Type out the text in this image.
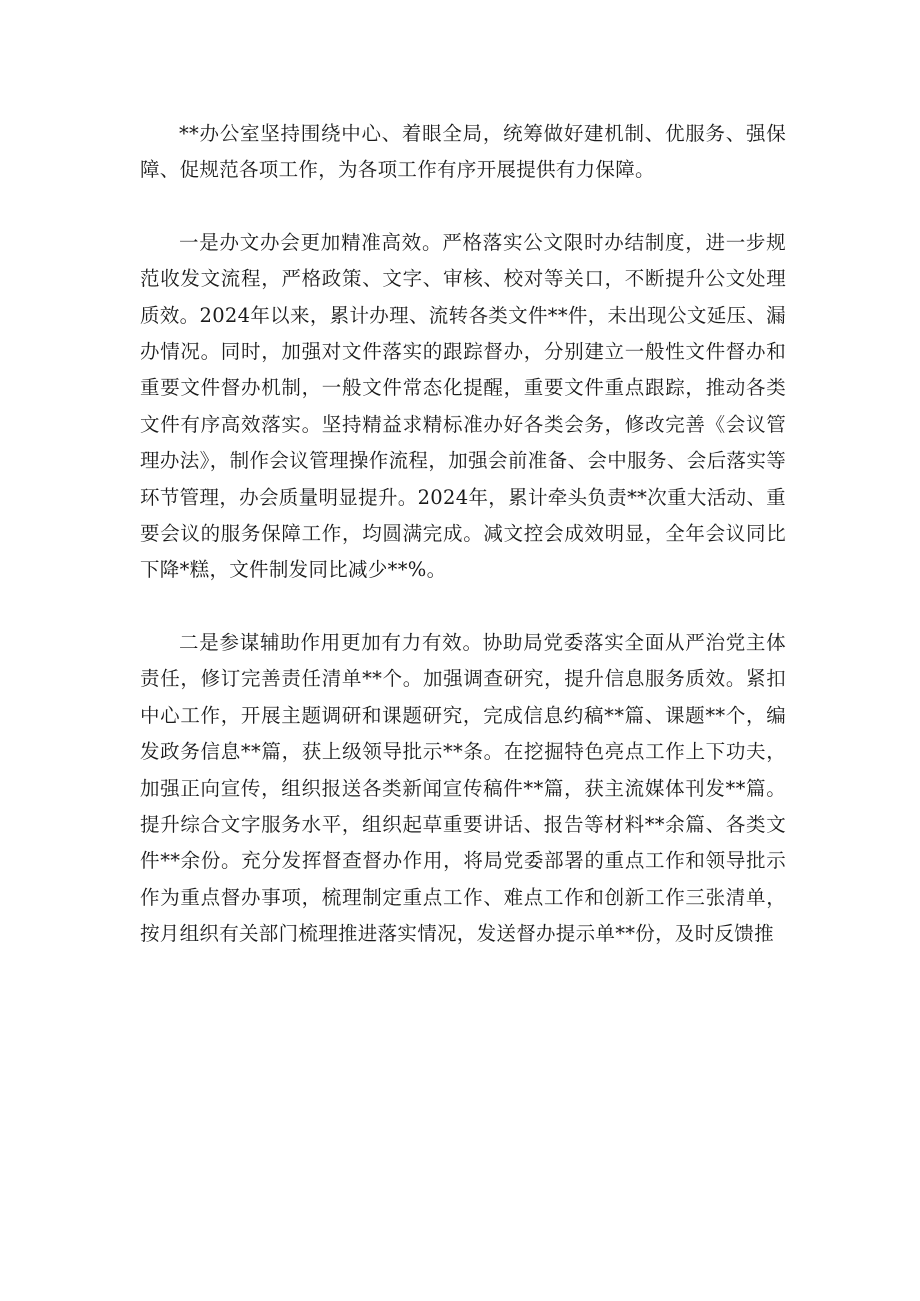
**办公室坚持围绕中心、着眼全局，统筹做好建机制、优服务、强保障、促规范各项工作，为各项工作有序开展提供有力保障。

一是办文办会更加精准高效。严格落实公文限时办结制度，进一步规范收发文流程，严格政策、文字、审核、校对等关口，不断提升公文处理质效。2024年以来，累计办理、流转各类文件**件，未出现公文延压、漏办情况。同时，加强对文件落实的跟踪督办，分别建立一般性文件督办和重要文件督办机制，一般文件常态化提醒，重要文件重点跟踪，推动各类文件有序高效落实。坚持精益求精标准办好各类会务，修改完善《会议管理办法》，制作会议管理操作流程，加强会前准备、会中服务、会后落实等环节管理，办会质量明显提升。2024年，累计牵头负责**次重大活动、重要会议的服务保障工作，均圆满完成。减文控会成效明显，全年会议同比下降*糕，文件制发同比减少**%。

二是参谋辅助作用更加有力有效。协助局党委落实全面从严治党主体责任，修订完善责任清单**个。加强调查研究，提升信息服务质效。紧扣中心工作，开展主题调研和课题研究，完成信息约稿**篇、课题**个，编发政务信息**篇，获上级领导批示**条。在挖掘特色亮点工作上下功夫，加强正向宣传，组织报送各类新闻宣传稿件**篇，获主流媒体刊发**篇。提升综合文字服务水平，组织起草重要讲话、报告等材料**余篇、各类文件**余份。充分发挥督查督办作用，将局党委部署的重点工作和领导批示作为重点督办事项，梳理制定重点工作、难点工作和创新工作三张清单，按月组织有关部门梳理推进落实情况，发送督办提示单**份，及时反馈推
